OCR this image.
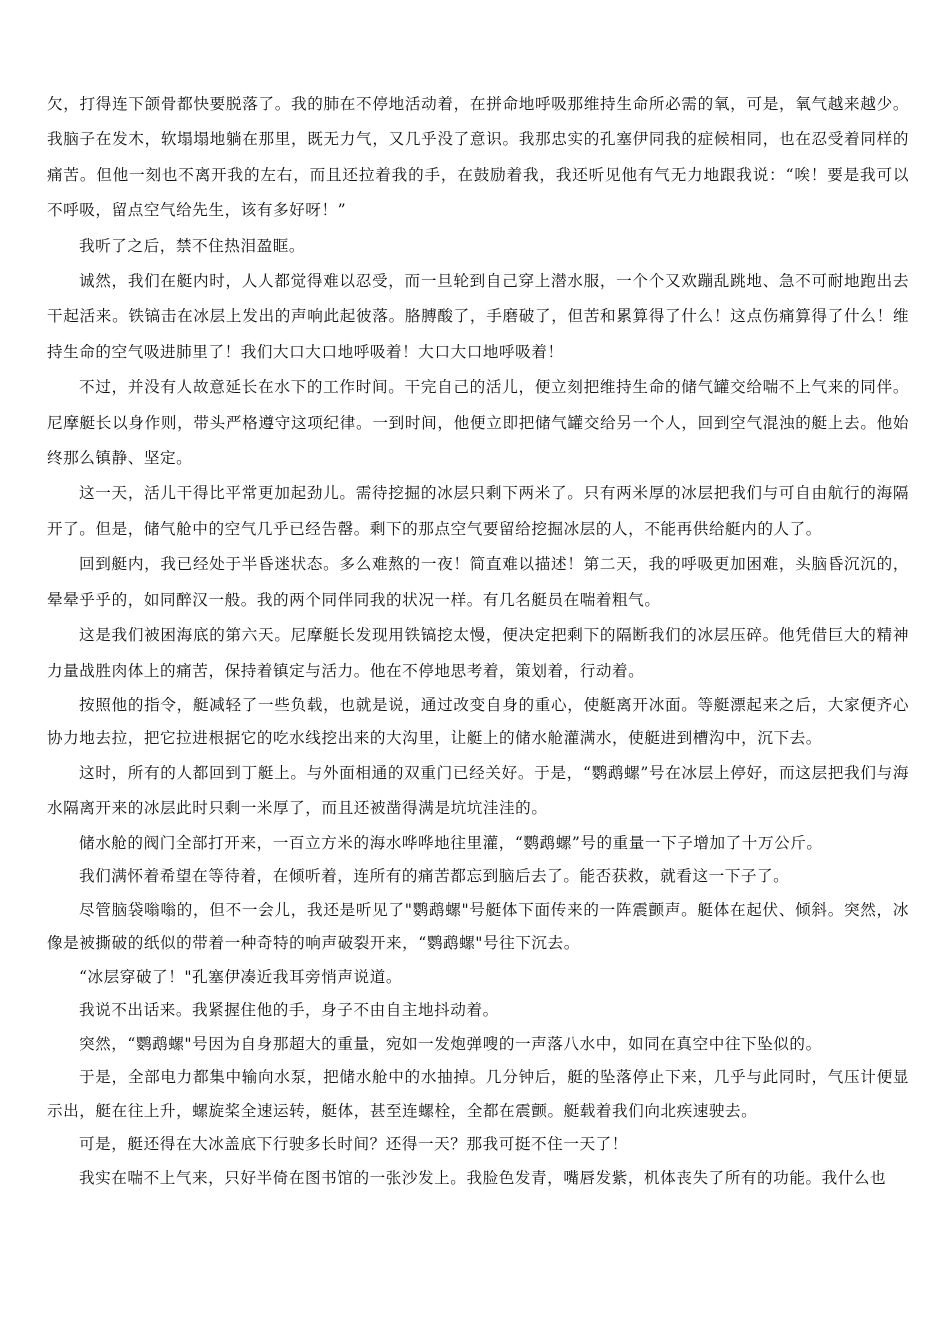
欠，打得连下颌骨都快要脱落了。我的肺在不停地活动着，在拼命地呼吸那维持生命所必需的氧，可是，氧气越来越少。我脑子在发木，软塌塌地躺在那里，既无力气，又几乎没了意识。我那忠实的孔塞伊同我的症候相同，也在忍受着同样的痛苦。但他一刻也不离开我的左右，而且还拉着我的手，在鼓励着我，我还听见他有气无力地跟我说：“唉！要是我可以不呼吸，留点空气给先生，该有多好呀！”

我听了之后，禁不住热泪盈眶。

诚然，我们在艇内时，人人都觉得难以忍受，而一旦轮到自己穿上潜水服，一个个又欢蹦乱跳地、急不可耐地跑出去干起活来。铁镐击在冰层上发出的声响此起彼落。胳膊酸了，手磨破了，但苦和累算得了什么！这点伤痛算得了什么！维持生命的空气吸进肺里了！我们大口大口地呼吸着！大口大口地呼吸着！

不过，并没有人故意延长在水下的工作时间。干完自己的活儿，便立刻把维持生命的储气罐交给喘不上气来的同伴。尼摩艇长以身作则，带头严格遵守这项纪律。一到时间，他便立即把储气罐交给另一个人，回到空气混浊的艇上去。他始终那么镇静、坚定。

这一天，活儿干得比平常更加起劲儿。需待挖掘的冰层只剩下两米了。只有两米厚的冰层把我们与可自由航行的海隔开了。但是，储气舱中的空气几乎已经告罄。剩下的那点空气要留给挖掘冰层的人，不能再供给艇内的人了。

回到艇内，我已经处于半昏迷状态。多么难熬的一夜！简直难以描述！第二天，我的呼吸更加困难，头脑昏沉沉的，晕晕乎乎的，如同醉汉一般。我的两个同伴同我的状况一样。有几名艇员在喘着粗气。

这是我们被困海底的第六天。尼摩艇长发现用铁镐挖太慢，便决定把剩下的隔断我们的冰层压碎。他凭借巨大的精神力量战胜肉体上的痛苦，保持着镇定与活力。他在不停地思考着，策划着，行动着。

按照他的指令，艇减轻了一些负载，也就是说，通过改变自身的重心，使艇离开冰面。等艇漂起来之后，大家便齐心协力地去拉，把它拉进根据它的吃水线挖出来的大沟里，让艇上的储水舱灌满水，使艇进到槽沟中，沉下去。

这时，所有的人都回到丁艇上。与外面相通的双重门已经关好。于是，“鹦鹉螺”号在冰层上停好，而这层把我们与海水隔离开来的冰层此时只剩一米厚了，而且还被凿得满是坑坑洼洼的。

储水舱的阀门全部打开来，一百立方米的海水哗哗地往里灌，“鹦鹉螺”号的重量一下子增加了十万公斤。

我们满怀着希望在等待着，在倾听着，连所有的痛苦都忘到脑后去了。能否获救，就看这一下子了。

尽管脑袋嗡嗡的，但不一会儿，我还是听见了"鹦鹉螺"号艇体下面传来的一阵震颤声。艇体在起伏、倾斜。突然，冰像是被撕破的纸似的带着一种奇特的响声破裂开来，“鹦鹉螺"号往下沉去。

“冰层穿破了！"孔塞伊凑近我耳旁悄声说道。

我说不出话来。我紧握住他的手，身子不由自主地抖动着。

突然，“鹦鹉螺"号因为自身那超大的重量，宛如一发炮弹嗖的一声落八水中，如同在真空中往下坠似的。

于是，全部电力都集中输向水泵，把储水舱中的水抽掉。几分钟后，艇的坠落停止下来，几乎与此同时，气压计便显示出，艇在往上升，螺旋桨全速运转，艇体，甚至连螺栓，全都在震颤。艇载着我们向北疾速驶去。

可是，艇还得在大冰盖底下行驶多长时间？还得一天？那我可挺不住一天了！

我实在喘不上气来，只好半倚在图书馆的一张沙发上。我脸色发青，嘴唇发紫，机体丧失了所有的功能。我什么也
